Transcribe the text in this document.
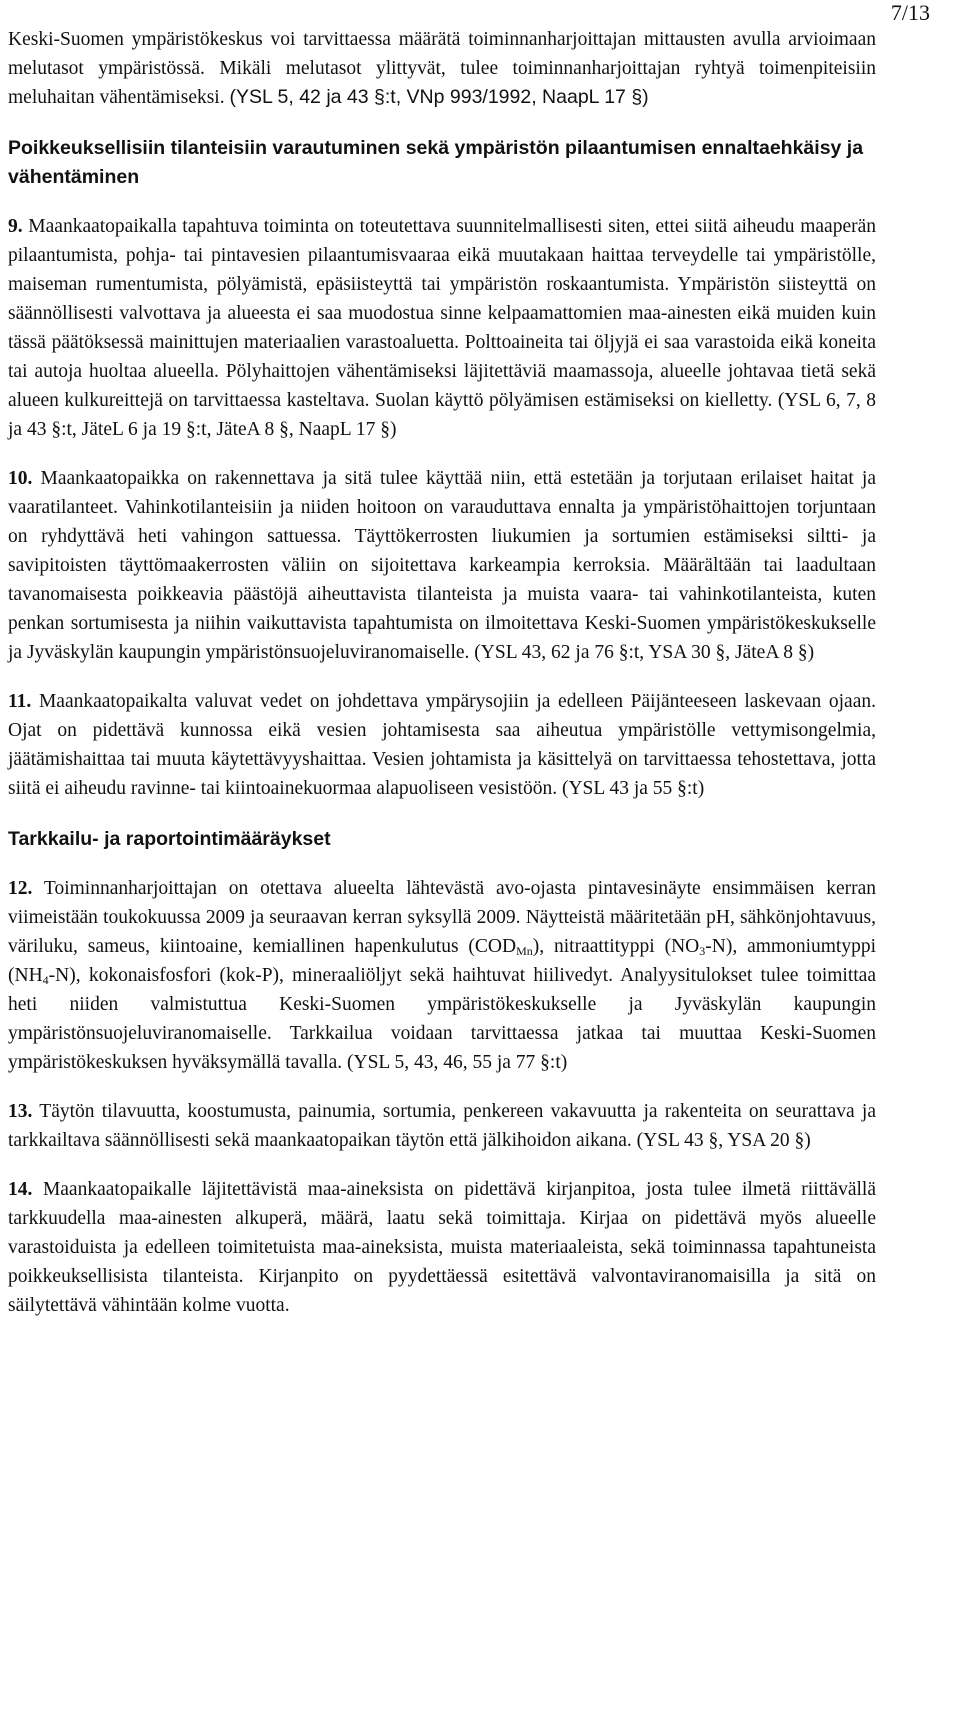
7/13

Keski-Suomen ympäristökeskus voi tarvittaessa määrätä toiminnanharjoittajan mittausten avulla arvioimaan melutasot ympäristössä. Mikäli melutasot ylittyvät, tulee toiminnanharjoittajan ryhtyä toimenpiteisiin meluhaitan vähentämiseksi. (YSL 5, 42 ja 43 §:t, VNp 993/1992, NaapL 17 §)

Poikkeuksellisiin tilanteisiin varautuminen sekä ympäristön pilaantumisen ennaltaehkäisy ja vähentäminen

9. Maankaatopaikalla tapahtuva toiminta on toteutettava suunnitelmallisesti siten, ettei siitä aiheudu maaperän pilaantumista, pohja- tai pintavesien pilaantumisvaaraa eikä muutakaan haittaa terveydelle tai ympäristölle, maiseman rumentumista, pölyämistä, epäsiisteyttä tai ympäristön roskaantumista. Ympäristön siisteyttä on säännöllisesti valvottava ja alueesta ei saa muodostua sinne kelpaamattomien maa-ainesten eikä muiden kuin tässä päätöksessä mainittujen materiaalien varastoaluetta. Polttoaineita tai öljyjä ei saa varastoida eikä koneita tai autoja huoltaa alueella. Pölyhaittojen vähentämiseksi läjitettäviä maamassoja, alueelle johtavaa tietä sekä alueen kulkureittejä on tarvittaessa kasteltava. Suolan käyttö pölyämisen estämiseksi on kielletty. (YSL 6, 7, 8 ja 43 §:t, JäteL 6 ja 19 §:t, JäteA 8 §, NaapL 17 §)

10. Maankaatopaikka on rakennettava ja sitä tulee käyttää niin, että estetään ja torjutaan erilaiset haitat ja vaaratilanteet. Vahinkotilanteisiin ja niiden hoitoon on varauduttava ennalta ja ympäristöhaittojen torjuntaan on ryhdyttävä heti vahingon sattuessa. Täyttökerrosten liukumien ja sortumien estämiseksi siltti- ja savipitoisten täyttömaakerrosten väliin on sijoitettava karkeampia kerroksia. Määrältään tai laadultaan tavanomaisesta poikkeavia päästöjä aiheuttavista tilanteista ja muista vaara- tai vahinkotilanteista, kuten penkan sortumisesta ja niihin vaikuttavista tapahtumista on ilmoitettava Keski-Suomen ympäristökeskukselle ja Jyväskylän kaupungin ympäristönsuojeluviranomaiselle. (YSL 43, 62 ja 76 §:t, YSA 30 §, JäteA 8 §)

11. Maankaatopaikalta valuvat vedet on johdettava ympärysojiin ja edelleen Päijänteeseen laskevaan ojaan. Ojat on pidettävä kunnossa eikä vesien johtamisesta saa aiheutua ympäristölle vettymisongelmia, jäätämishaittaa tai muuta käytettävyyshaittaa. Vesien johtamista ja käsittelyä on tarvittaessa tehostettava, jotta siitä ei aiheudu ravinne- tai kiintoainekuormaa alapuoliseen vesistöön. (YSL 43 ja 55 §:t)

Tarkkailu- ja raportointimääräykset

12. Toiminnanharjoittajan on otettava alueelta lähtevästä avo-ojasta pintavesinäyte ensimmäisen kerran viimeistään toukokuussa 2009 ja seuraavan kerran syksyllä 2009. Näytteistä määritetään pH, sähkönjohtavuus, väriluku, sameus, kiintoaine, kemiallinen hapenkulutus $(COD_{Mn})$, nitraattityppi $(NO_3-N)$, ammoniumtyppi $(NH_4-N)$, kokonaisfosfori (kok-P), mineraaliöljyt sekä haihtuvat hiilivedyt. Analyysitulokset tulee toimittaa heti niiden valmistuttua Keski-Suomen ympäristökeskukselle ja Jyväskylän kaupungin ympäristönsuojeluviranomaiselle. Tarkkailua voidaan tarvittaessa jatkaa tai muuttaa Keski-Suomen ympäristökeskuksen hyväksymällä tavalla. (YSL 5, 43, 46, 55 ja 77 §:t)

13. Täytön tilavuutta, koostumusta, painumia, sortumia, penkereen vakavuutta ja rakenteita on seurattava ja tarkkailtava säännöllisesti sekä maankaatopaikan täytön että jälkihoidon aikana. (YSL 43 §, YSA 20 §)

14. Maankaatopaikalle läjitettävistä maa-aineksista on pidettävä kirjanpitoa, josta tulee ilmetä riittävällä tarkkuudella maa-ainesten alkuperä, määrä, laatu sekä toimittaja. Kirjaa on pidettävä myös alueelle varastoiduista ja edelleen toimitetuista maa-aineksista, muista materiaaleista, sekä toiminnassa tapahtuneista poikkeuksellisista tilanteista. Kirjanpito on pyydettäessä esitettävä valvontaviranomaisilla ja sitä on säilytettävä vähintään kolme vuotta.
